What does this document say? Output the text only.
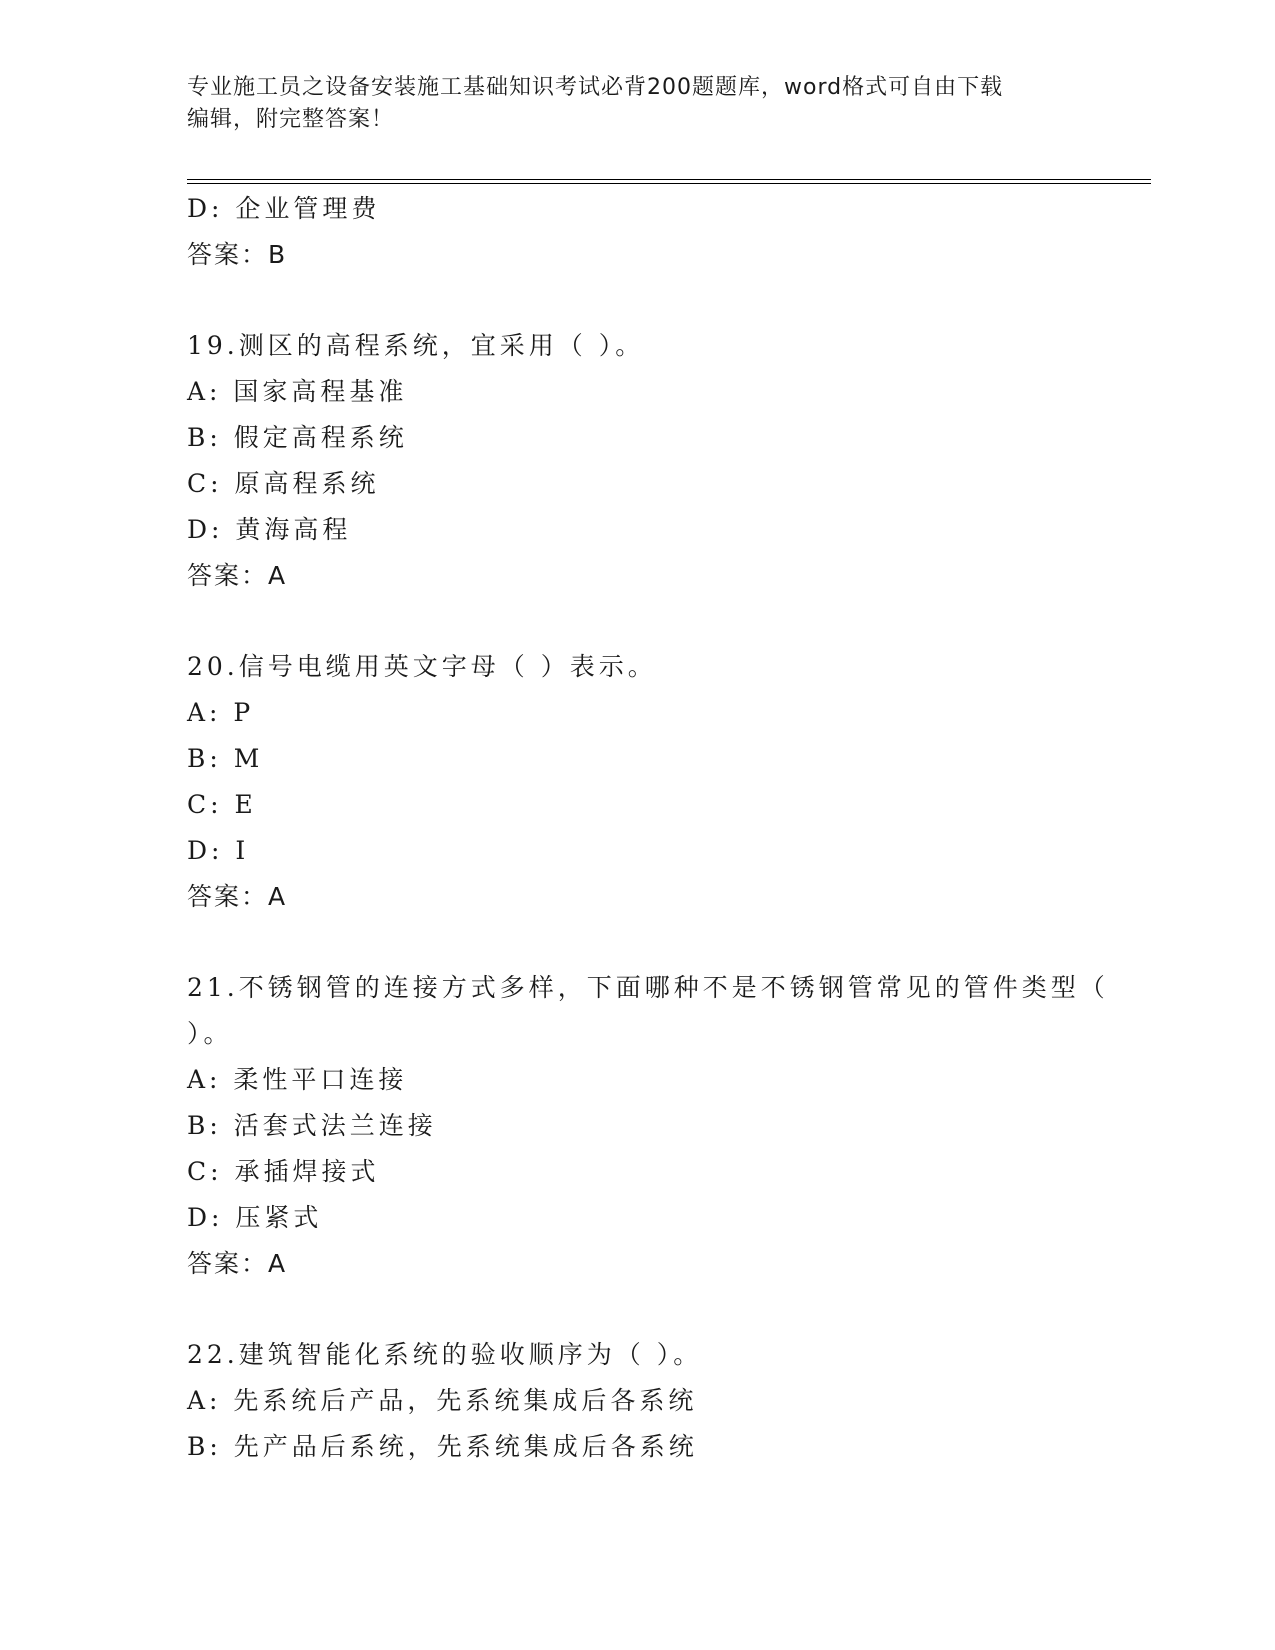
专业施工员之设备安装施工基础知识考试必背200题题库，word格式可自由下载
编辑，附完整答案！
D: 企业管理费
答案：B
19.测区的高程系统，宜采用（ ）。
A: 国家高程基准
B: 假定高程系统
C: 原高程系统
D: 黄海高程
答案：A
20.信号电缆用英文字母（ ）表示。
A: P
B: M
C: E
D: I
答案：A
21.不锈钢管的连接方式多样，下面哪种不是不锈钢管常见的管件类型（ ）。
A: 柔性平口连接
B: 活套式法兰连接
C: 承插焊接式
D: 压紧式
答案：A
22.建筑智能化系统的验收顺序为（ ）。
A: 先系统后产品，先系统集成后各系统
B: 先产品后系统，先系统集成后各系统
